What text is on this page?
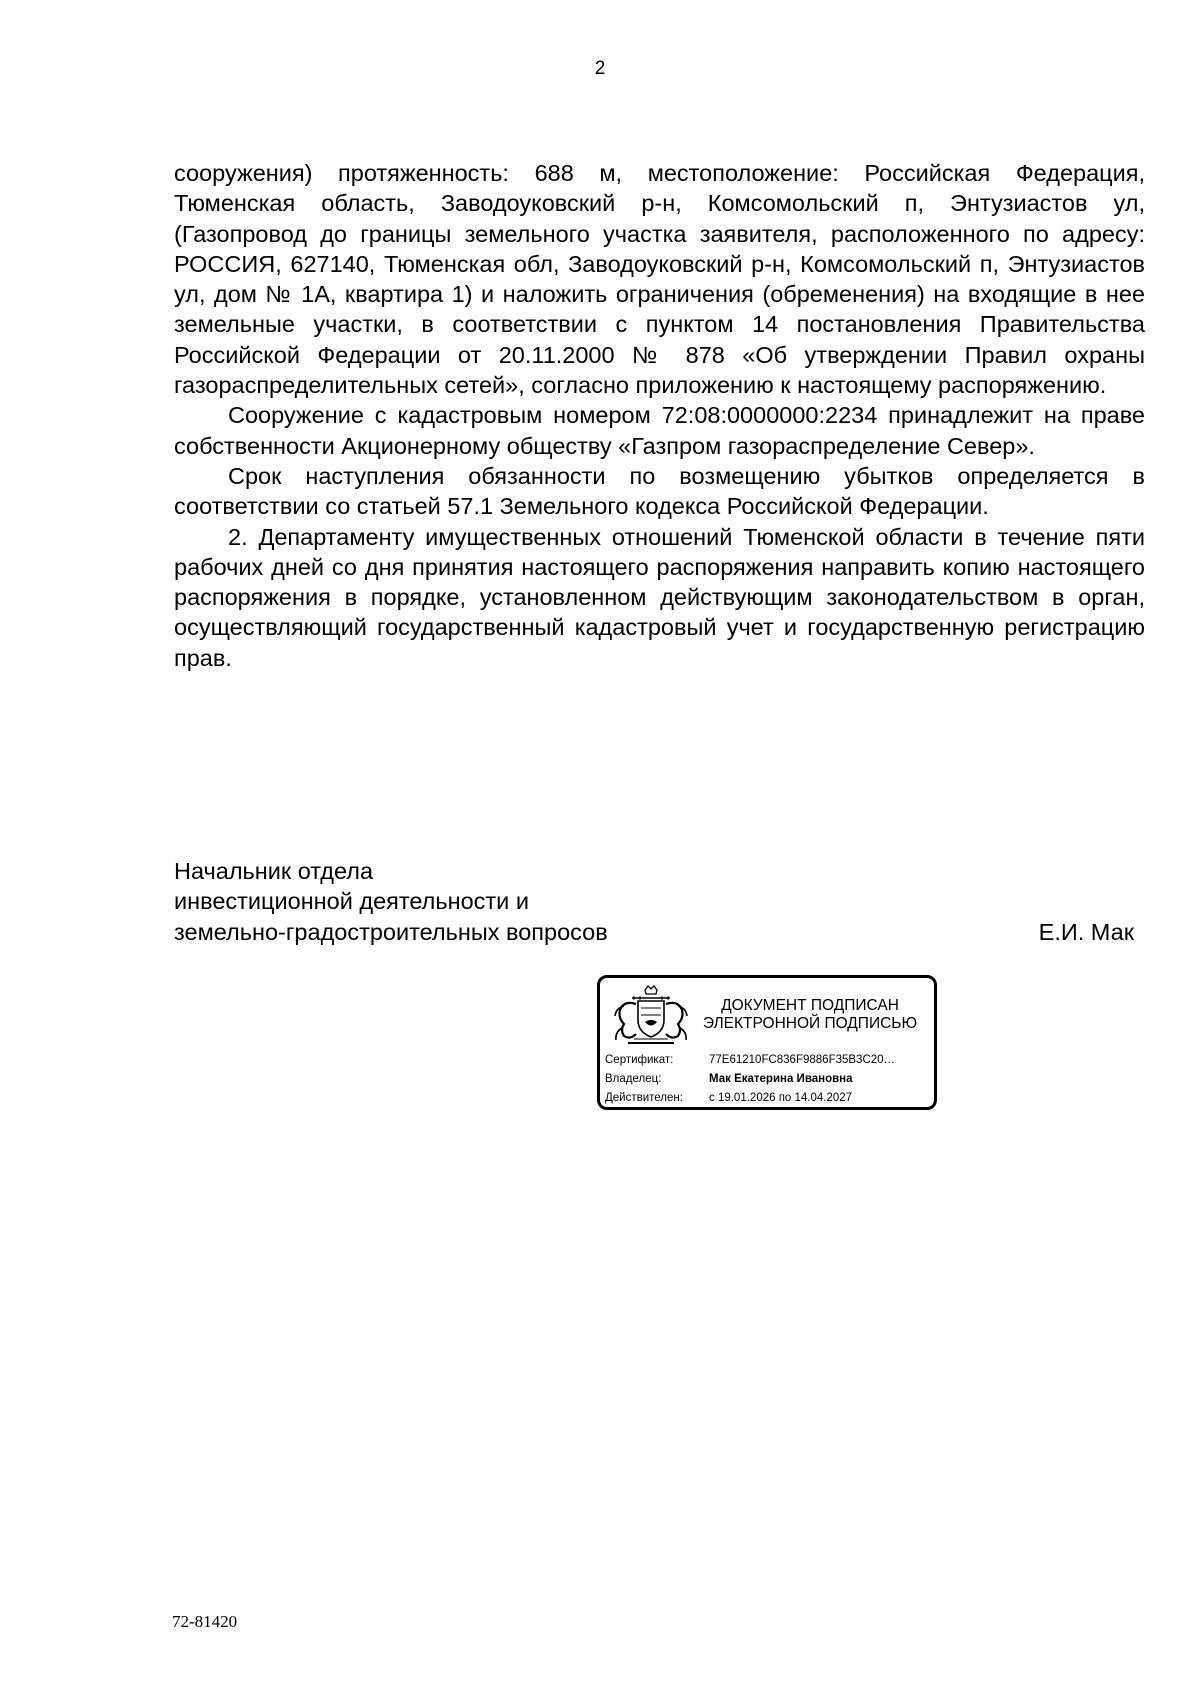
2

сооружения) протяженность: 688 м, местоположение: Российская Федерация, Тюменская область, Заводоуковский р-н, Комсомольский п, Энтузиастов ул, (Газопровод до границы земельного участка заявителя, расположенного по адресу: РОССИЯ, 627140, Тюменская обл, Заводоуковский р-н, Комсомольский п, Энтузиастов ул, дом № 1А, квартира 1) и наложить ограничения (обременения) на входящие в нее земельные участки, в соответствии с пунктом 14 постановления Правительства Российской Федерации от 20.11.2000 № 878 «Об утверждении Правил охраны газораспределительных сетей», согласно приложению к настоящему распоряжению.

Сооружение с кадастровым номером 72:08:0000000:2234 принадлежит на праве собственности Акционерному обществу «Газпром газораспределение Север».

Срок наступления обязанности по возмещению убытков определяется в соответствии со статьей 57.1 Земельного кодекса Российской Федерации.

2. Департаменту имущественных отношений Тюменской области в течение пяти рабочих дней со дня принятия настоящего распоряжения направить копию настоящего распоряжения в порядке, установленном действующим законодательством в орган, осуществляющий государственный кадастровый учет и государственную регистрацию прав.

Начальник отдела
инвестиционной деятельности и
земельно-градостроительных вопросов	Е.И. Мак
ДОКУМЕНТ ПОДПИСАН
ЭЛЕКТРОННОЙ ПОДПИСЬЮ
Сертификат:	77E61210FC836F9886F35B3C20…
Владелец:	Мак Екатерина Ивановна
Действителен:	с 19.01.2026 по 14.04.2027
72-81420
